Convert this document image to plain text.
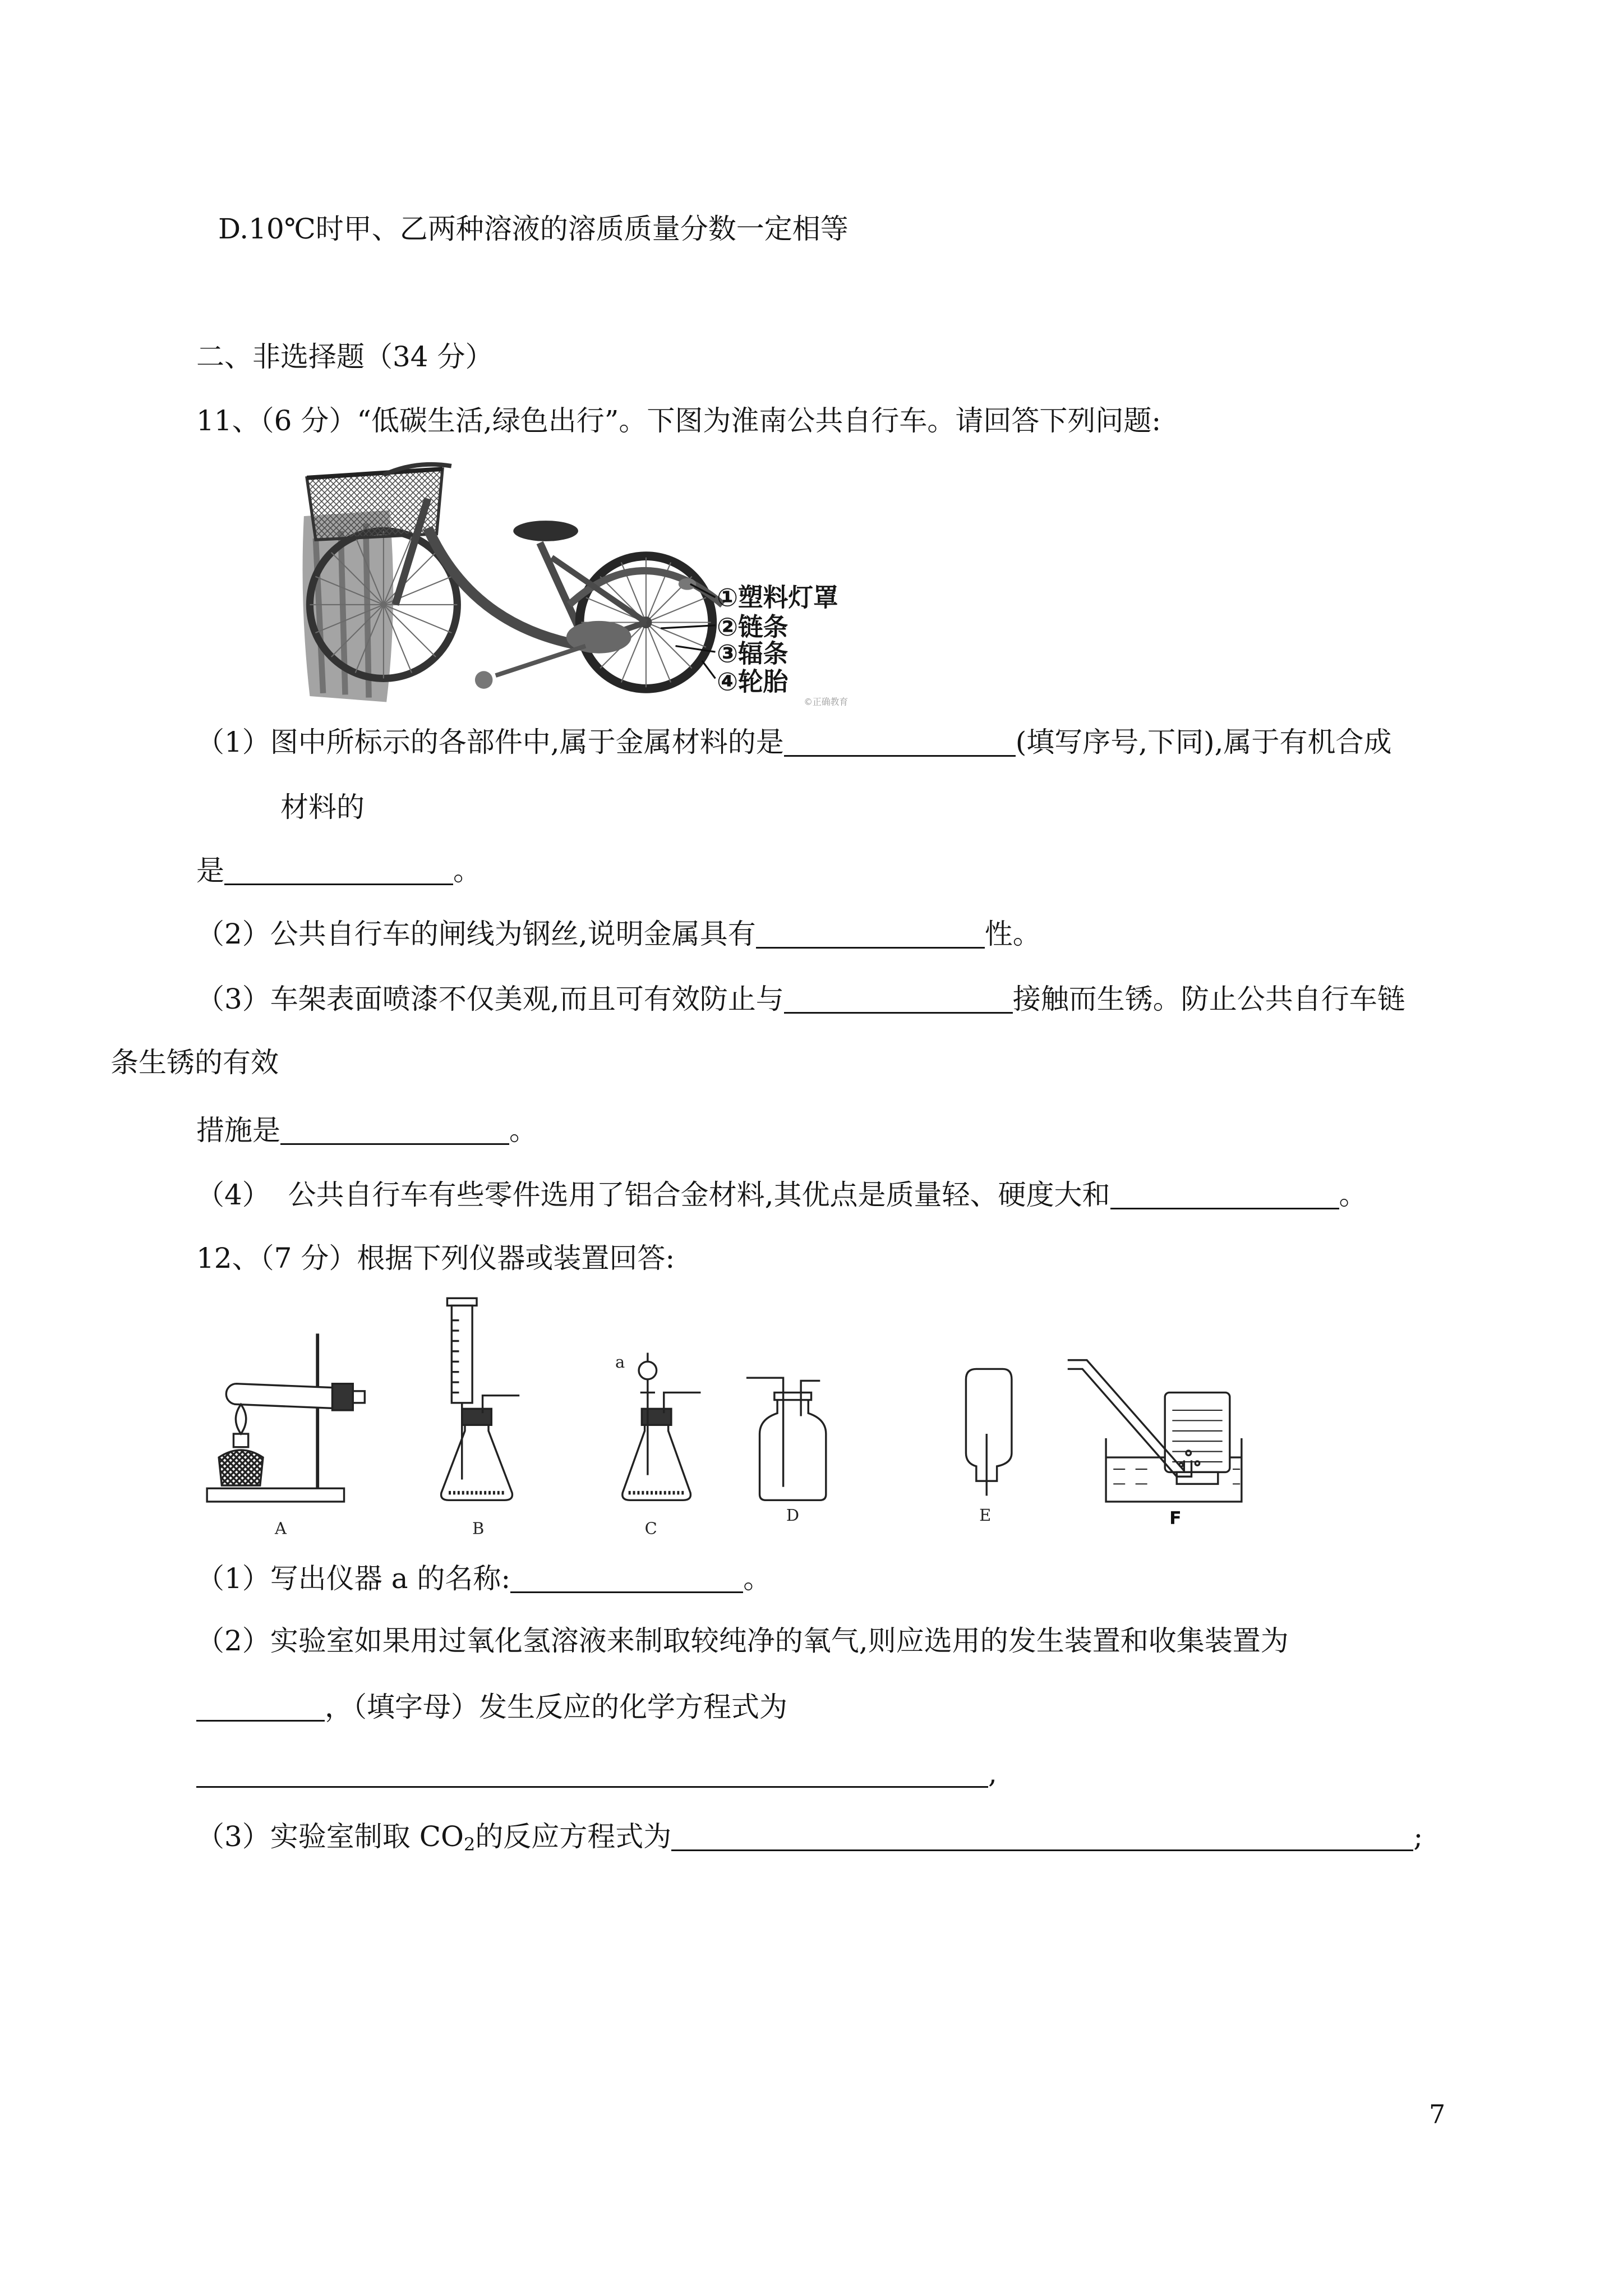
D.10℃时甲、乙两种溶液的溶质质量分数一定相等
二、非选择题（34 分）
11、（6 分）“低碳生活,绿色出行”。下图为淮南公共自行车。请回答下列问题:
①塑料灯罩
②链条
③辐条
④轮胎
©正确教育
（1）图中所标示的各部件中,属于金属材料的是	(填写序号,下同),属于有机合成
材料的
是	。
（2）公共自行车的闸线为钢丝,说明金属具有	性。
（3）车架表面喷漆不仅美观,而且可有效防止与	接触而生锈。防止公共自行车链
条生锈的有效
措施是	。
（4）  公共自行车有些零件选用了铝合金材料,其优点是质量轻、硬度大和	。
12、（7 分）根据下列仪器或装置回答:
A	B
a
C
D	E	F
（1）写出仪器 a 的名称:	。
（2）实验室如果用过氧化氢溶液来制取较纯净的氧气,则应选用的发生装置和收集装置为
，（填字母）发生反应的化学方程式为
,
（3）实验室制取 $CO_2$的反应方程式为	;
7
